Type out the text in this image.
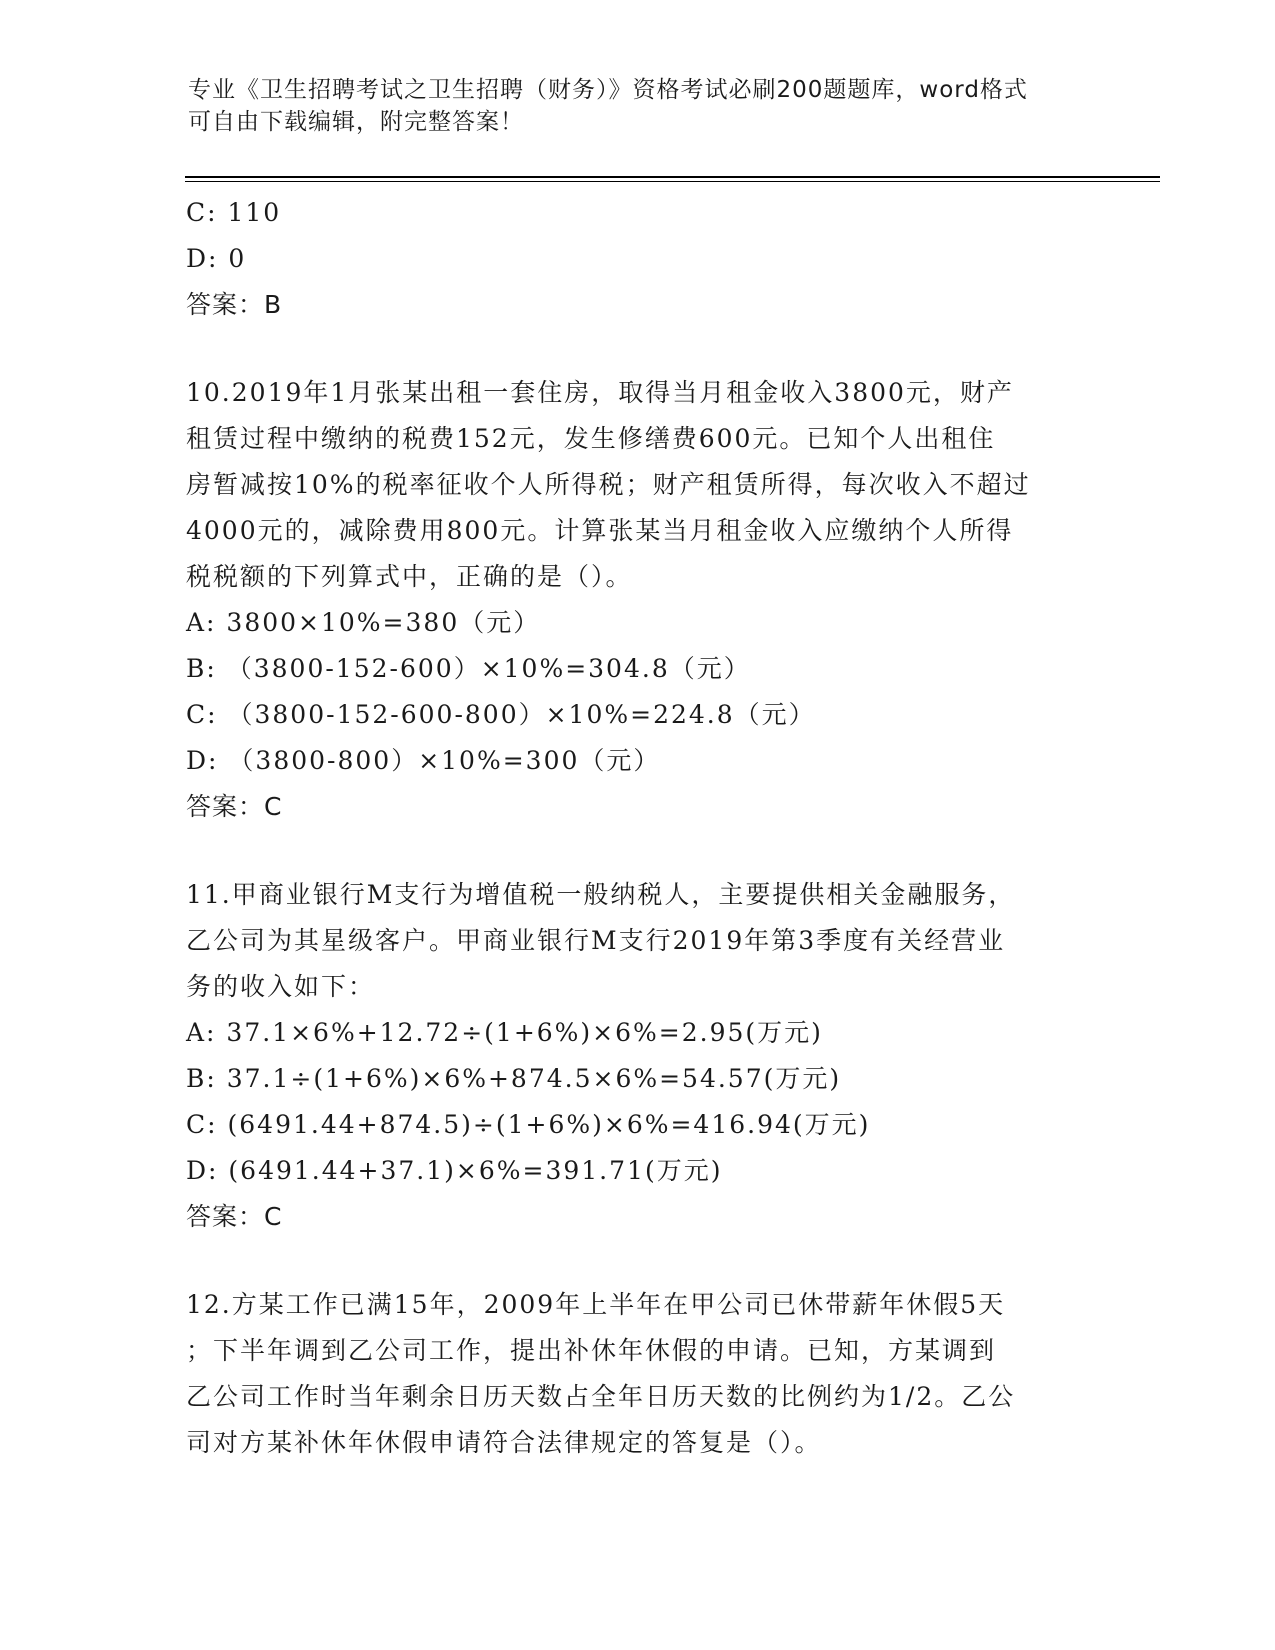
专业《卫生招聘考试之卫生招聘（财务）》资格考试必刷200题题库，word格式
可自由下载编辑，附完整答案！
C: 110
D: 0
答案：B
10.2019年1月张某出租一套住房，取得当月租金收入3800元，财产
租赁过程中缴纳的税费152元，发生修缮费600元。已知个人出租住
房暂减按10%的税率征收个人所得税；财产租赁所得，每次收入不超过
4000元的，减除费用800元。计算张某当月租金收入应缴纳个人所得
税税额的下列算式中，正确的是（）。
A: 3800×10%=380（元）
B: （3800-152-600）×10%=304.8（元）
C: （3800-152-600-800）×10%=224.8（元）
D: （3800-800）×10%=300（元）
答案：C
11.甲商业银行M支行为增值税一般纳税人，主要提供相关金融服务，
乙公司为其星级客户。甲商业银行M支行2019年第3季度有关经营业
务的收入如下：
A: 37.1×6%+12.72÷(1+6%)×6%=2.95(万元)
B: 37.1÷(1+6%)×6%+874.5×6%=54.57(万元)
C: (6491.44+874.5)÷(1+6%)×6%=416.94(万元)
D: (6491.44+37.1)×6%=391.71(万元)
答案：C
12.方某工作已满15年，2009年上半年在甲公司已休带薪年休假5天
；下半年调到乙公司工作，提出补休年休假的申请。已知，方某调到
乙公司工作时当年剩余日历天数占全年日历天数的比例约为1/2。乙公
司对方某补休年休假申请符合法律规定的答复是（）。
